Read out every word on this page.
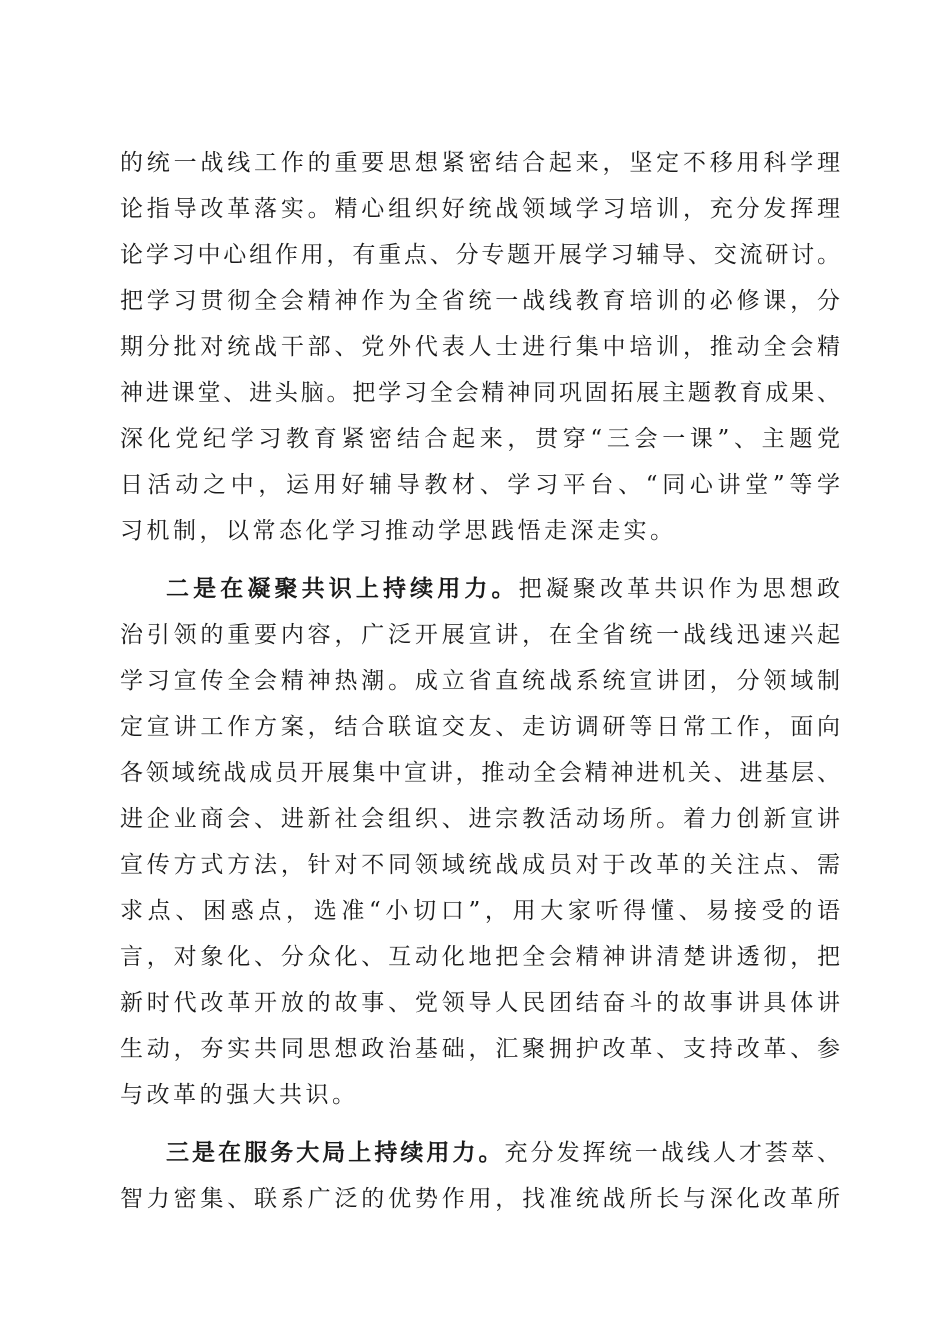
的统一战线工作的重要思想紧密结合起来，坚定不移用科学理
论指导改革落实。精心组织好统战领域学习培训，充分发挥理
论学习中心组作用，有重点、分专题开展学习辅导、交流研讨。
把学习贯彻全会精神作为全省统一战线教育培训的必修课，分
期分批对统战干部、党外代表人士进行集中培训，推动全会精
神进课堂、进头脑。把学习全会精神同巩固拓展主题教育成果、
深化党纪学习教育紧密结合起来，贯穿“三会一课”、主题党
日活动之中，运用好辅导教材、学习平台、“同心讲堂”等学
习机制，以常态化学习推动学思践悟走深走实。
二是在凝聚共识上持续用力。把凝聚改革共识作为思想政
治引领的重要内容，广泛开展宣讲，在全省统一战线迅速兴起
学习宣传全会精神热潮。成立省直统战系统宣讲团，分领域制
定宣讲工作方案，结合联谊交友、走访调研等日常工作，面向
各领域统战成员开展集中宣讲，推动全会精神进机关、进基层、
进企业商会、进新社会组织、进宗教活动场所。着力创新宣讲
宣传方式方法，针对不同领域统战成员对于改革的关注点、需
求点、困惑点，选准“小切口”，用大家听得懂、易接受的语
言，对象化、分众化、互动化地把全会精神讲清楚讲透彻，把
新时代改革开放的故事、党领导人民团结奋斗的故事讲具体讲
生动，夯实共同思想政治基础，汇聚拥护改革、支持改革、参
与改革的强大共识。
三是在服务大局上持续用力。充分发挥统一战线人才荟萃、
智力密集、联系广泛的优势作用，找准统战所长与深化改革所
